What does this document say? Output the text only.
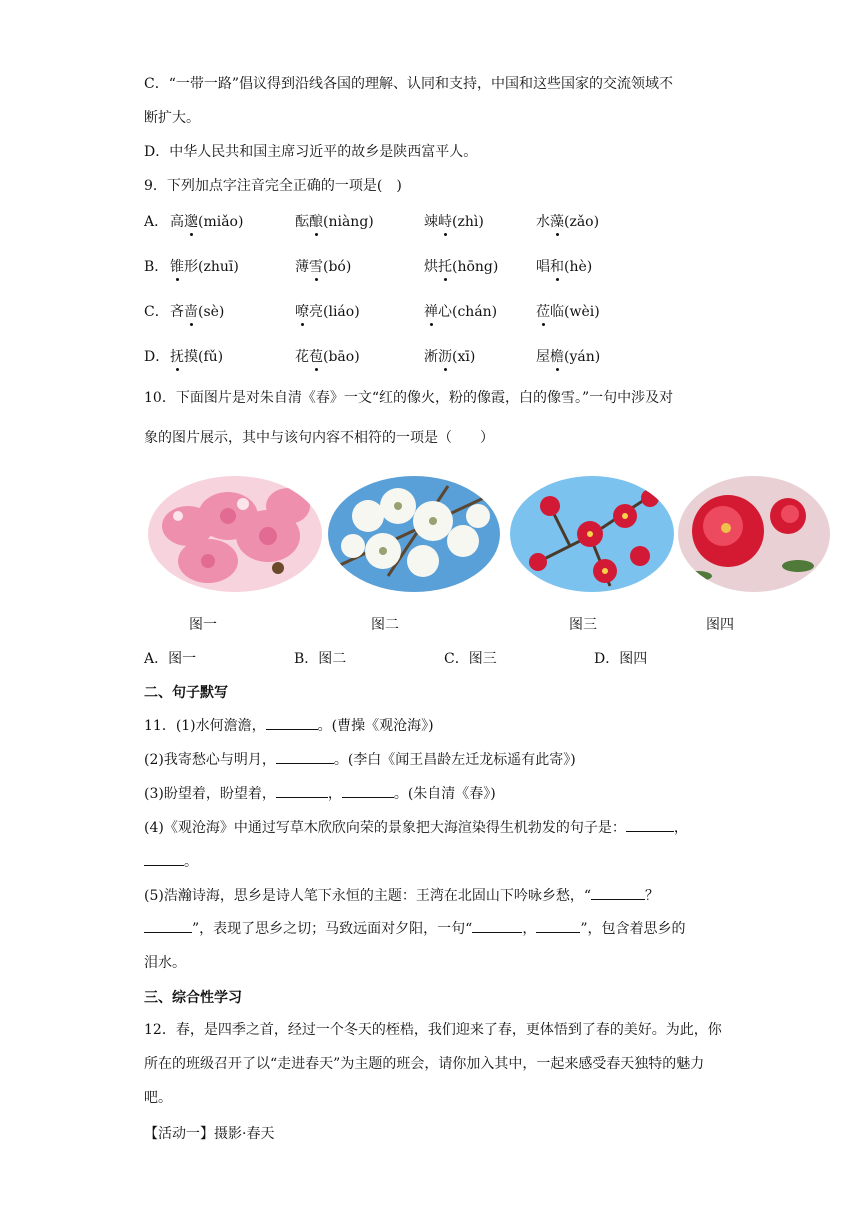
C．“一带一路”倡议得到沿线各国的理解、认同和支持，中国和这些国家的交流领域不
断扩大。
D．中华人民共和国主席习近平的故乡是陕西富平人。
9．下列加点字注音完全正确的一项是(　)
A． 高邈(miǎo)	酝酿(niàng)	竦峙(zhì)	水藻(zǎo)
B． 锥形(zhuī)	薄雪(bó)	烘托(hōng)	唱和(hè)
C． 吝啬(sè)	嘹亮(liáo)	禅心(chán)	莅临(wèi)
D． 抚摸(fǔ)	花苞(bāo)	淅沥(xī)	屋檐(yán)
10．下面图片是对朱自清《春》一文“红的像火，粉的像霞，白的像雪。”一句中涉及对
象的图片展示，其中与该句内容不相符的一项是（　　）
图一	图二	图三	图四
A．图一	B．图二	C．图三	D．图四
二、句子默写
11．(1)水何澹澹，	。(曹操《观沧海》)
(2)我寄愁心与明月，	。(李白《闻王昌龄左迁龙标遥有此寄》)
(3)盼望着，盼望着，	，	。(朱自清《春》)
(4)《观沧海》中通过写草木欣欣向荣的景象把大海渲染得生机勃发的句子是：	，
。
(5)浩瀚诗海，思乡是诗人笔下永恒的主题：王湾在北固山下吟咏乡愁，“	？
”，表现了思乡之切；马致远面对夕阳，一句“	，	”，包含着思乡的
泪水。
三、综合性学习
12．春，是四季之首，经过一个冬天的桎梏，我们迎来了春，更体悟到了春的美好。为此，你所在的班级召开了以“走进春天”为主题的班会，请你加入其中，一起来感受春天独特的魅力吧。
【活动一】摄影·春天
